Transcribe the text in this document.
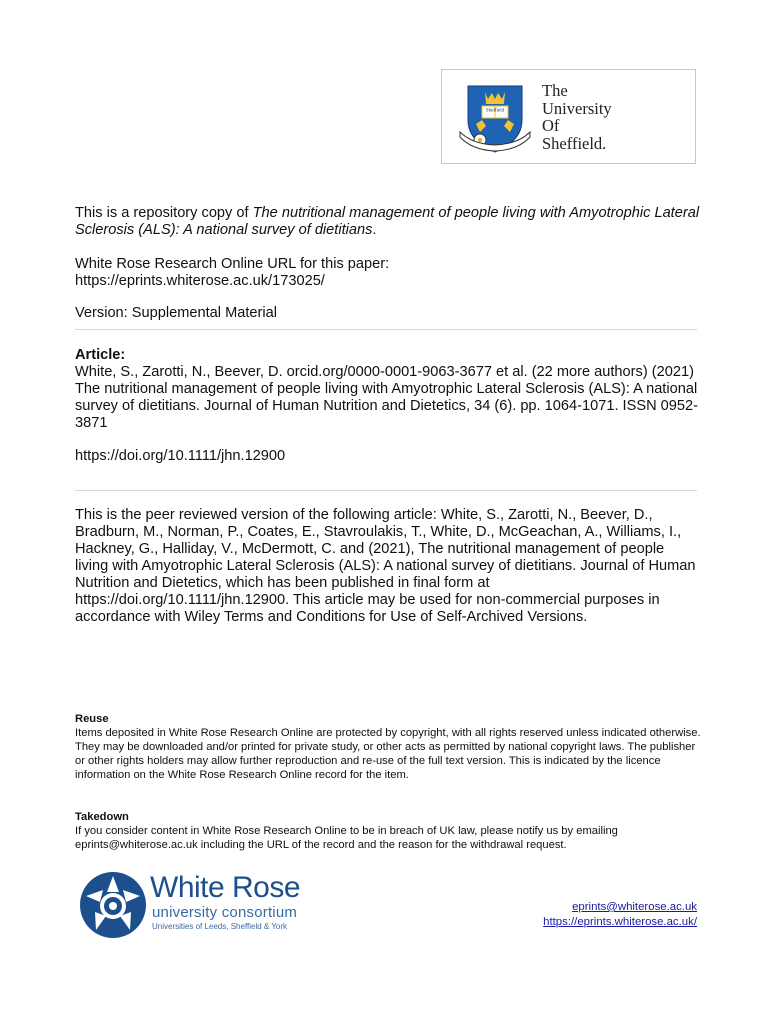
Sheffield
The
University
Of
Sheffield.

This is a repository copy of The nutritional management of people living with Amyotrophic Lateral Sclerosis (ALS): A national survey of dietitians.

White Rose Research Online URL for this paper:

https://eprints.whiterose.ac.uk/173025/

Version: Supplemental Material

Article:

White, S., Zarotti, N., Beever, D. orcid.org/0000-0001-9063-3677 et al. (22 more authors) (2021) The nutritional management of people living with Amyotrophic Lateral Sclerosis (ALS): A national survey of dietitians. Journal of Human Nutrition and Dietetics, 34 (6). pp. 1064-1071. ISSN 0952-3871

https://doi.org/10.1111/jhn.12900

This is the peer reviewed version of the following article: White, S., Zarotti, N., Beever, D., Bradburn, M., Norman, P., Coates, E., Stavroulakis, T., White, D., McGeachan, A., Williams, I., Hackney, G., Halliday, V., McDermott, C. and (2021), The nutritional management of people living with Amyotrophic Lateral Sclerosis (ALS): A national survey of dietitians. Journal of Human Nutrition and Dietetics, which has been published in final form at https://doi.org/10.1111/jhn.12900. This article may be used for non-commercial purposes in accordance with Wiley Terms and Conditions for Use of Self-Archived Versions.

Reuse

Items deposited in White Rose Research Online are protected by copyright, with all rights reserved unless indicated otherwise. They may be downloaded and/or printed for private study, or other acts as permitted by national copyright laws. The publisher or other rights holders may allow further reproduction and re-use of the full text version. This is indicated by the licence information on the White Rose Research Online record for the item.

Takedown

If you consider content in White Rose Research Online to be in breach of UK law, please notify us by emailing eprints@whiterose.ac.uk including the URL of the record and the reason for the withdrawal request.

White Rose
university consortium
Universities of Leeds, Sheffield & York
eprints@whiterose.ac.uk
https://eprints.whiterose.ac.uk/
